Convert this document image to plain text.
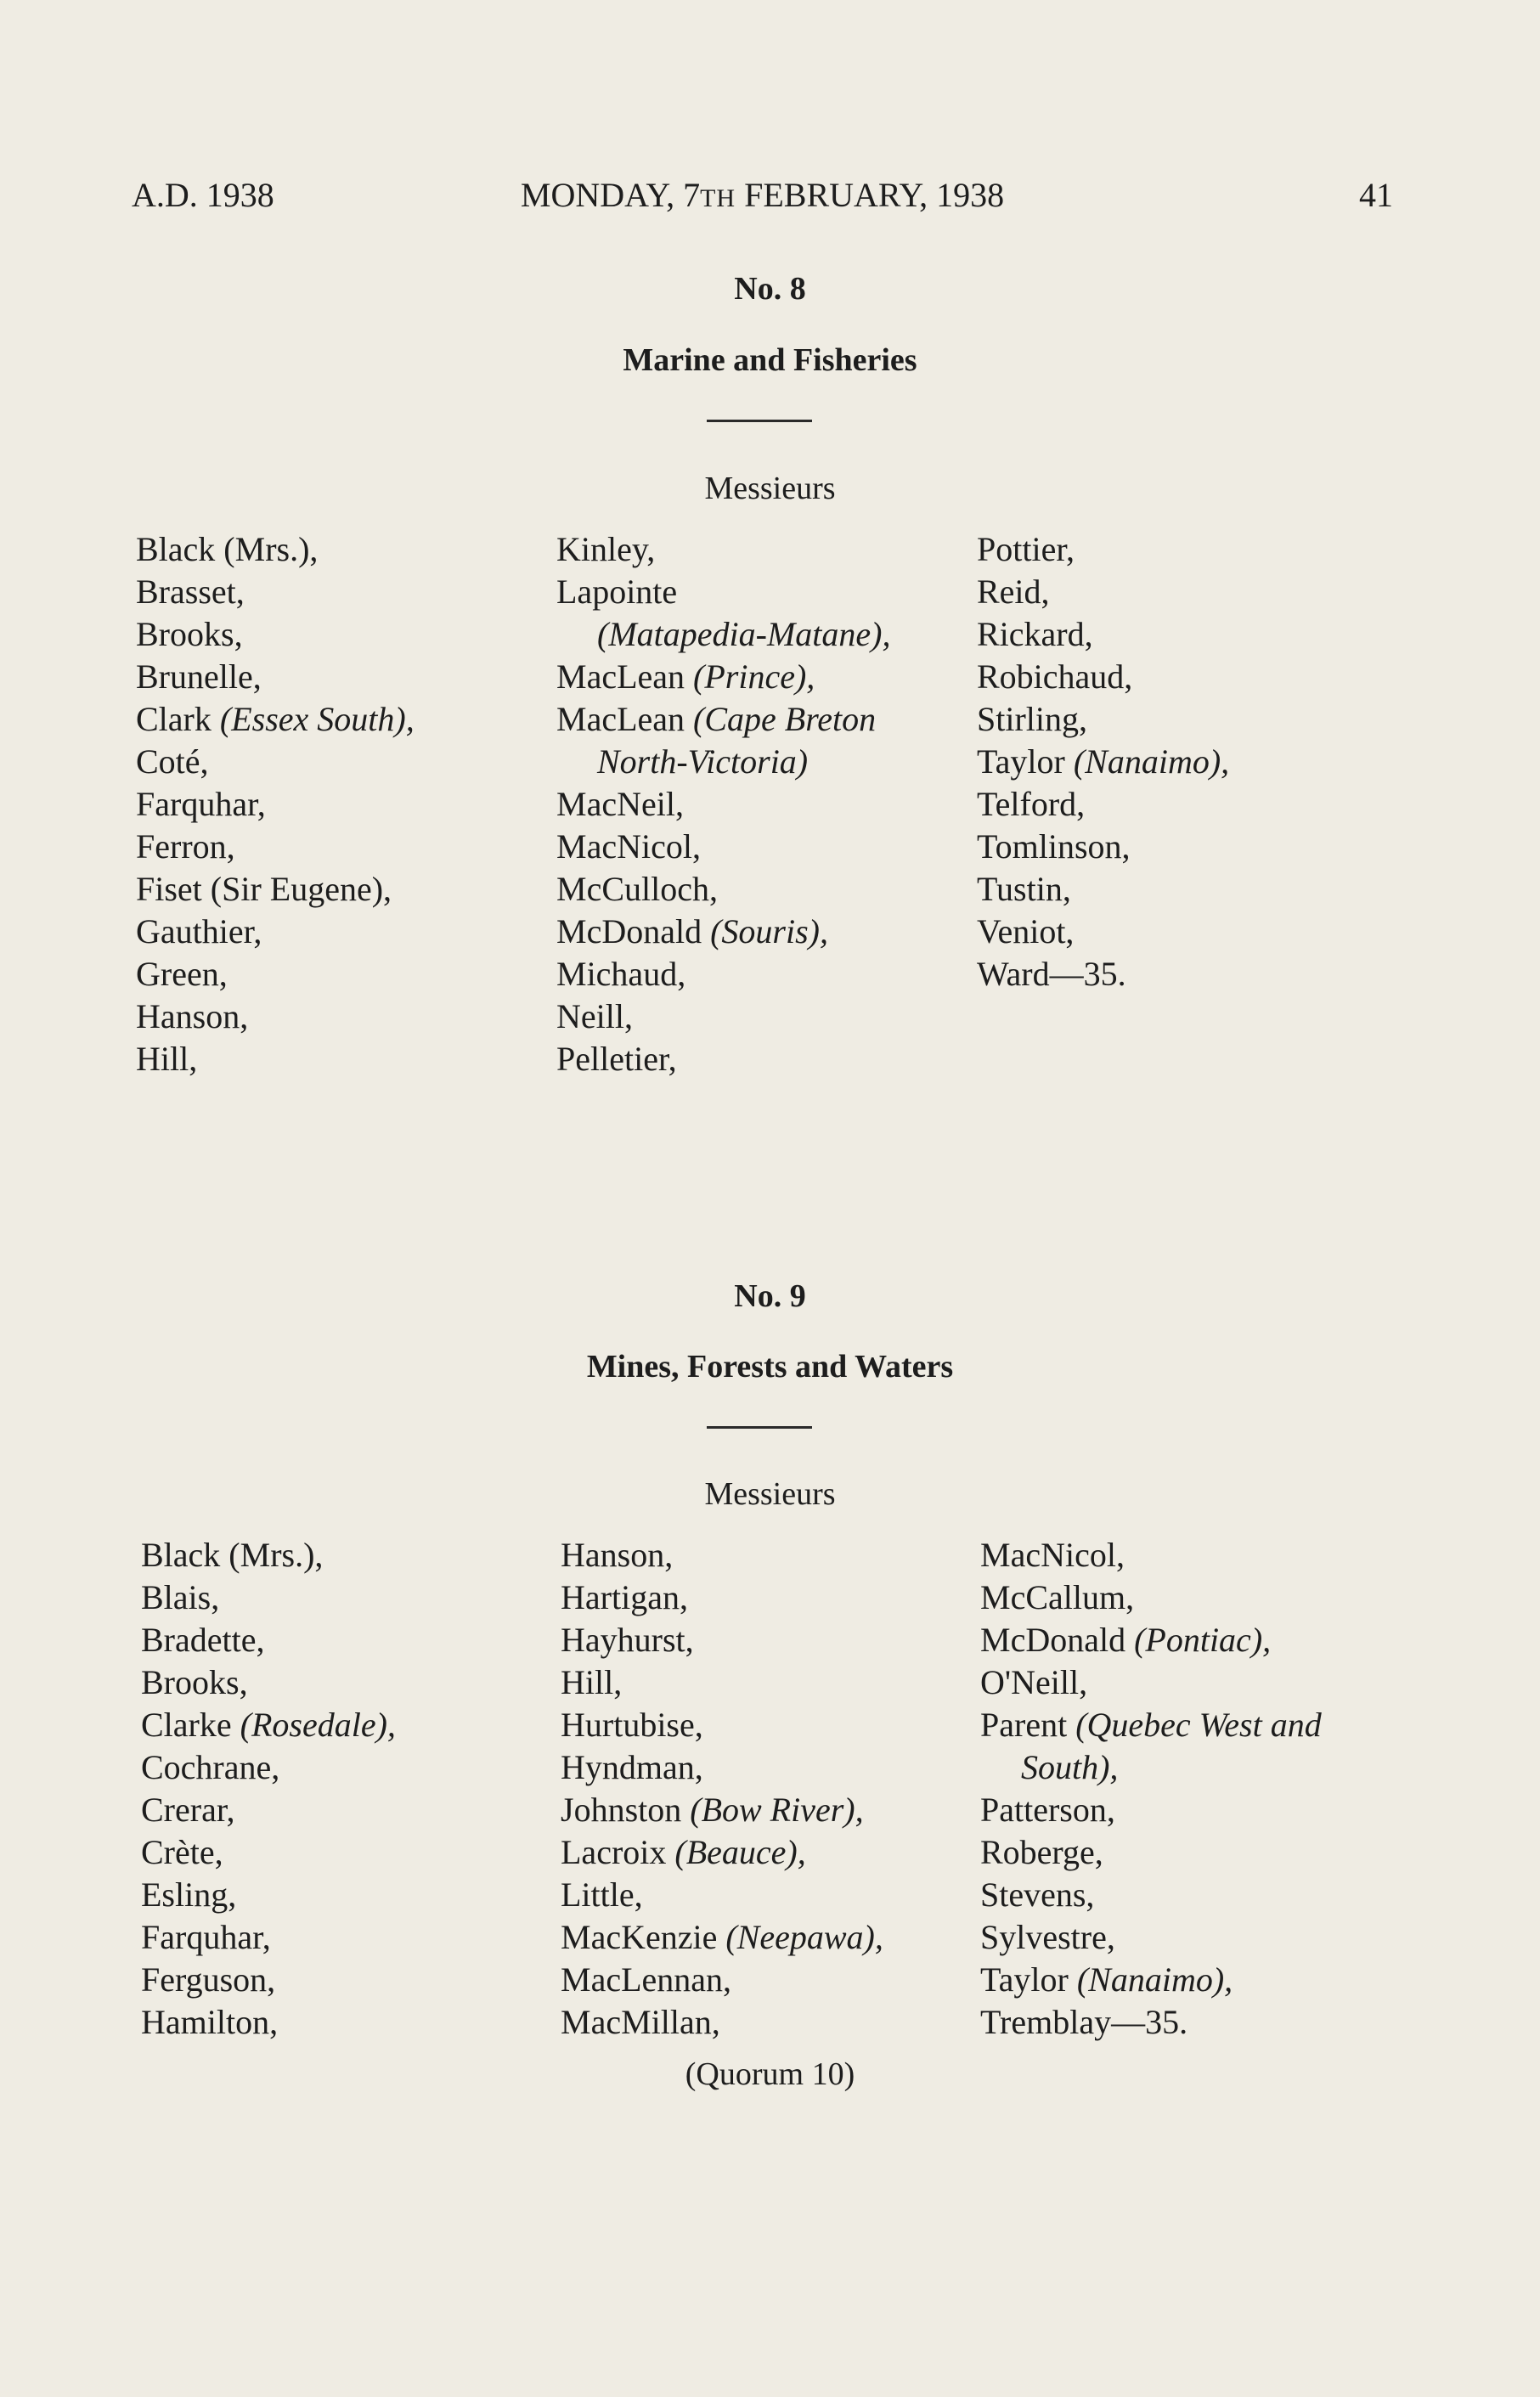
A.D. 1938	MONDAY, 7TH FEBRUARY, 1938	41
No. 8
Marine and Fisheries
Messieurs
Black (Mrs.),
Brasset,
Brooks,
Brunelle,
Clark (Essex South),
Coté,
Farquhar,
Ferron,
Fiset (Sir Eugene),
Gauthier,
Green,
Hanson,
Hill,
Kinley,
Lapointe
(Matapedia-Matane),
MacLean (Prince),
MacLean (Cape Breton
North-Victoria)
MacNeil,
MacNicol,
McCulloch,
McDonald (Souris),
Michaud,
Neill,
Pelletier,
Pottier,
Reid,
Rickard,
Robichaud,
Stirling,
Taylor (Nanaimo),
Telford,
Tomlinson,
Tustin,
Veniot,
Ward—35.
No. 9
Mines, Forests and Waters
Messieurs
Black (Mrs.),
Blais,
Bradette,
Brooks,
Clarke (Rosedale),
Cochrane,
Crerar,
Crète,
Esling,
Farquhar,
Ferguson,
Hamilton,
Hanson,
Hartigan,
Hayhurst,
Hill,
Hurtubise,
Hyndman,
Johnston (Bow River),
Lacroix (Beauce),
Little,
MacKenzie (Neepawa),
MacLennan,
MacMillan,
MacNicol,
McCallum,
McDonald (Pontiac),
O'Neill,
Parent (Quebec West and
South),
Patterson,
Roberge,
Stevens,
Sylvestre,
Taylor (Nanaimo),
Tremblay—35.
(Quorum 10)
